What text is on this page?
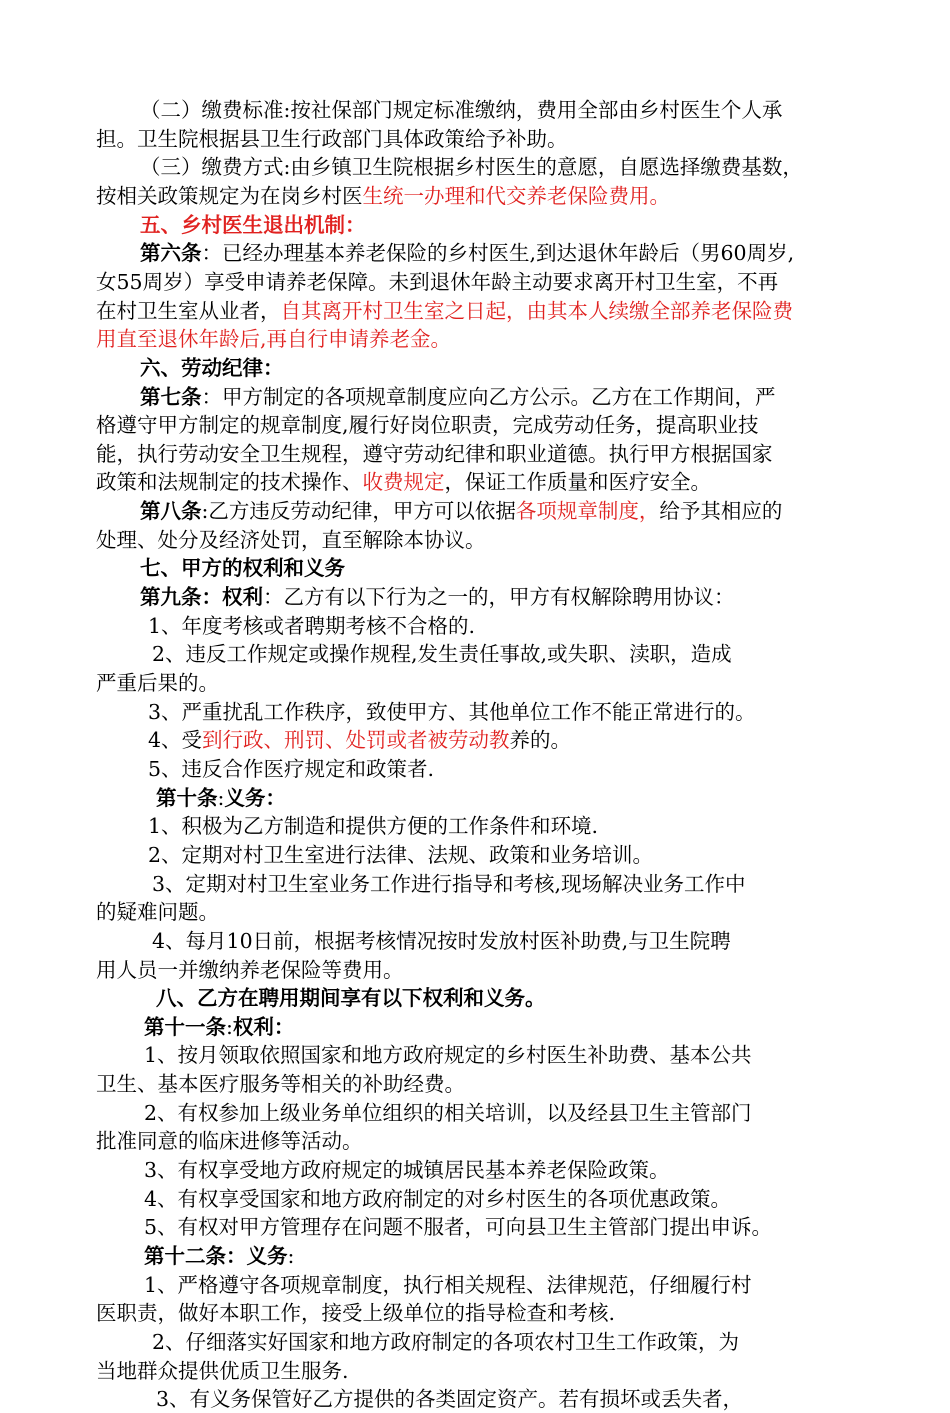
（二）缴费标准:按社保部门规定标准缴纳，费用全部由乡村医生个人承
担。卫生院根据县卫生行政部门具体政策给予补助。
（三）缴费方式:由乡镇卫生院根据乡村医生的意愿，自愿选择缴费基数，
按相关政策规定为在岗乡村医生统一办理和代交养老保险费用。
五、乡村医生退出机制：
第六条：已经办理基本养老保险的乡村医生,到达退休年龄后（男60周岁,
女55周岁）享受申请养老保障。未到退休年龄主动要求离开村卫生室，不再
在村卫生室从业者，自其离开村卫生室之日起，由其本人续缴全部养老保险费
用直至退休年龄后,再自行申请养老金。
六、劳动纪律：
第七条：甲方制定的各项规章制度应向乙方公示。乙方在工作期间，严
格遵守甲方制定的规章制度,履行好岗位职责，完成劳动任务，提高职业技
能，执行劳动安全卫生规程，遵守劳动纪律和职业道德。执行甲方根据国家
政策和法规制定的技术操作、收费规定，保证工作质量和医疗安全。
第八条:乙方违反劳动纪律，甲方可以依据各项规章制度，给予其相应的
处理、处分及经济处罚，直至解除本协议。
七、甲方的权利和义务
第九条：权利：乙方有以下行为之一的，甲方有权解除聘用协议：
1、年度考核或者聘期考核不合格的.
2、违反工作规定或操作规程,发生责任事故,或失职、渎职，造成
严重后果的。
3、严重扰乱工作秩序，致使甲方、其他单位工作不能正常进行的。
4、受到行政、刑罚、处罚或者被劳动教养的。
5、违反合作医疗规定和政策者.
第十条:义务：
1、积极为乙方制造和提供方便的工作条件和环境.
2、定期对村卫生室进行法律、法规、政策和业务培训。
3、定期对村卫生室业务工作进行指导和考核,现场解决业务工作中
的疑难问题。
4、每月10日前，根据考核情况按时发放村医补助费,与卫生院聘
用人员一并缴纳养老保险等费用。
八、乙方在聘用期间享有以下权利和义务。
第十一条:权利：
1、按月领取依照国家和地方政府规定的乡村医生补助费、基本公共
卫生、基本医疗服务等相关的补助经费。
2、有权参加上级业务单位组织的相关培训，以及经县卫生主管部门
批准同意的临床进修等活动。
3、有权享受地方政府规定的城镇居民基本养老保险政策。
4、有权享受国家和地方政府制定的对乡村医生的各项优惠政策。
5、有权对甲方管理存在问题不服者，可向县卫生主管部门提出申诉。
第十二条：义务:
1、严格遵守各项规章制度，执行相关规程、法律规范，仔细履行村
医职责，做好本职工作，接受上级单位的指导检查和考核.
2、仔细落实好国家和地方政府制定的各项农村卫生工作政策，为
当地群众提供优质卫生服务.
3、有义务保管好乙方提供的各类固定资产。若有损坏或丢失者，
